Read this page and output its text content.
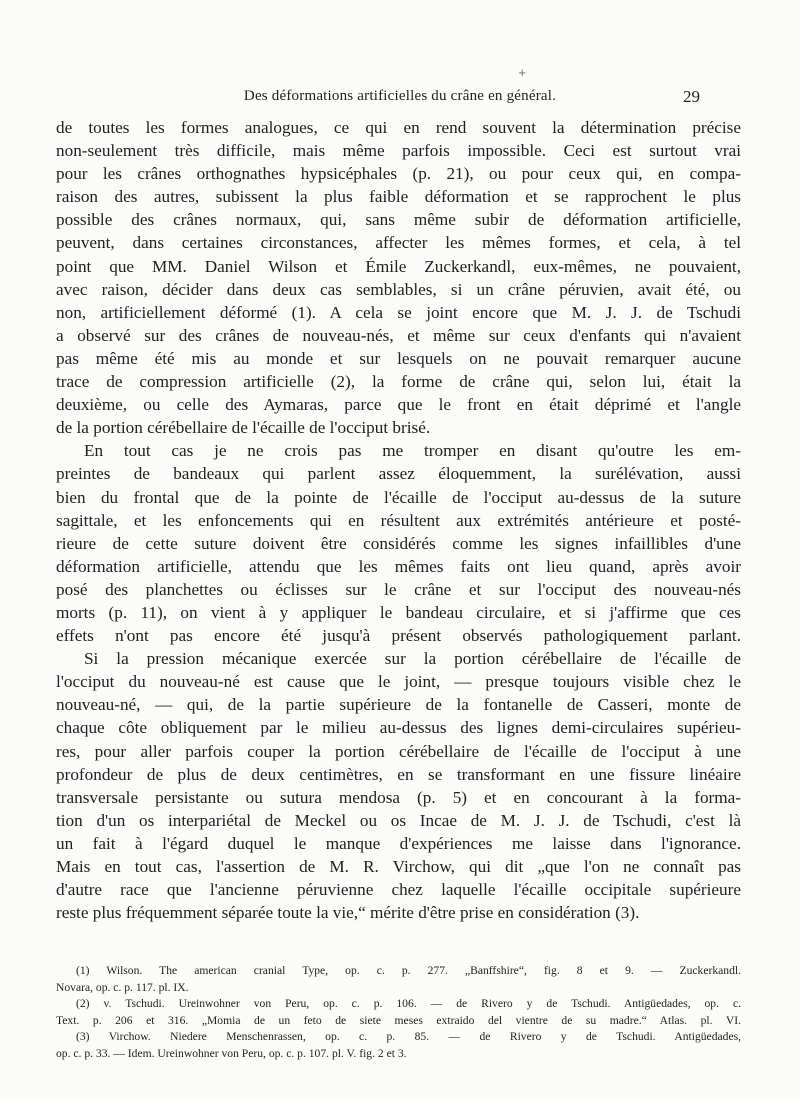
+
Des déformations artificielles du crâne en général.	29
de toutes les formes analogues, ce qui en rend souvent la détermination précise
non-seulement très difficile, mais même parfois impossible. Ceci est surtout vrai
pour les crânes orthognathes hypsicéphales (p. 21), ou pour ceux qui, en compa-
raison des autres, subissent la plus faible déformation et se rapprochent le plus
possible des crânes normaux, qui, sans même subir de déformation artificielle,
peuvent, dans certaines circonstances, affecter les mêmes formes, et cela, à tel
point que MM. Daniel Wilson et Émile Zuckerkandl, eux-mêmes, ne pouvaient,
avec raison, décider dans deux cas semblables, si un crâne péruvien, avait été, ou
non, artificiellement déformé (1). A cela se joint encore que M. J. J. de Tschudi
a observé sur des crânes de nouveau-nés, et même sur ceux d'enfants qui n'avaient
pas même été mis au monde et sur lesquels on ne pouvait remarquer aucune
trace de compression artificielle (2), la forme de crâne qui, selon lui, était la
deuxième, ou celle des Aymaras, parce que le front en était déprimé et l'angle
de la portion cérébellaire de l'écaille de l'occiput brisé.
En tout cas je ne crois pas me tromper en disant qu'outre les em-
preintes de bandeaux qui parlent assez éloquemment, la surélévation, aussi
bien du frontal que de la pointe de l'écaille de l'occiput au-dessus de la suture
sagittale, et les enfoncements qui en résultent aux extrémités antérieure et posté-
rieure de cette suture doivent être considérés comme les signes infaillibles d'une
déformation artificielle, attendu que les mêmes faits ont lieu quand, après avoir
posé des planchettes ou éclisses sur le crâne et sur l'occiput des nouveau-nés
morts (p. 11), on vient à y appliquer le bandeau circulaire, et si j'affirme que ces
effets n'ont pas encore été jusqu'à présent observés pathologiquement parlant.
Si la pression mécanique exercée sur la portion cérébellaire de l'écaille de
l'occiput du nouveau-né est cause que le joint, — presque toujours visible chez le
nouveau-né, — qui, de la partie supérieure de la fontanelle de Casseri, monte de
chaque côte obliquement par le milieu au-dessus des lignes demi-circulaires supérieu-
res, pour aller parfois couper la portion cérébellaire de l'écaille de l'occiput à une
profondeur de plus de deux centimètres, en se transformant en une fissure linéaire
transversale persistante ou sutura mendosa (p. 5) et en concourant à la forma-
tion d'un os interpariétal de Meckel ou os Incae de M. J. J. de Tschudi, c'est là
un fait à l'égard duquel le manque d'expériences me laisse dans l'ignorance.
Mais en tout cas, l'assertion de M. R. Virchow, qui dit „que l'on ne connaît pas
d'autre race que l'ancienne péruvienne chez laquelle l'écaille occipitale supérieure
reste plus fréquemment séparée toute la vie,“ mérite d'être prise en considération (3).
(1) Wilson. The american cranial Type, op. c. p. 277. „Banffshire“, fig. 8 et 9. — Zuckerkandl.
Novara, op. c. p. 117. pl. IX.
(2) v. Tschudi. Ureinwohner von Peru, op. c. p. 106. — de Rivero y de Tschudi. Antigüedades, op. c.
Text. p. 206 et 316. „Momia de un feto de siete meses extraido del vientre de su madre.“ Atlas. pl. VI.
(3) Virchow. Niedere Menschenrassen, op. c. p. 85. — de Rivero y de Tschudi. Antigüedades,
op. c. p. 33. — Idem. Ureinwohner von Peru, op. c. p. 107. pl. V. fig. 2 et 3.
